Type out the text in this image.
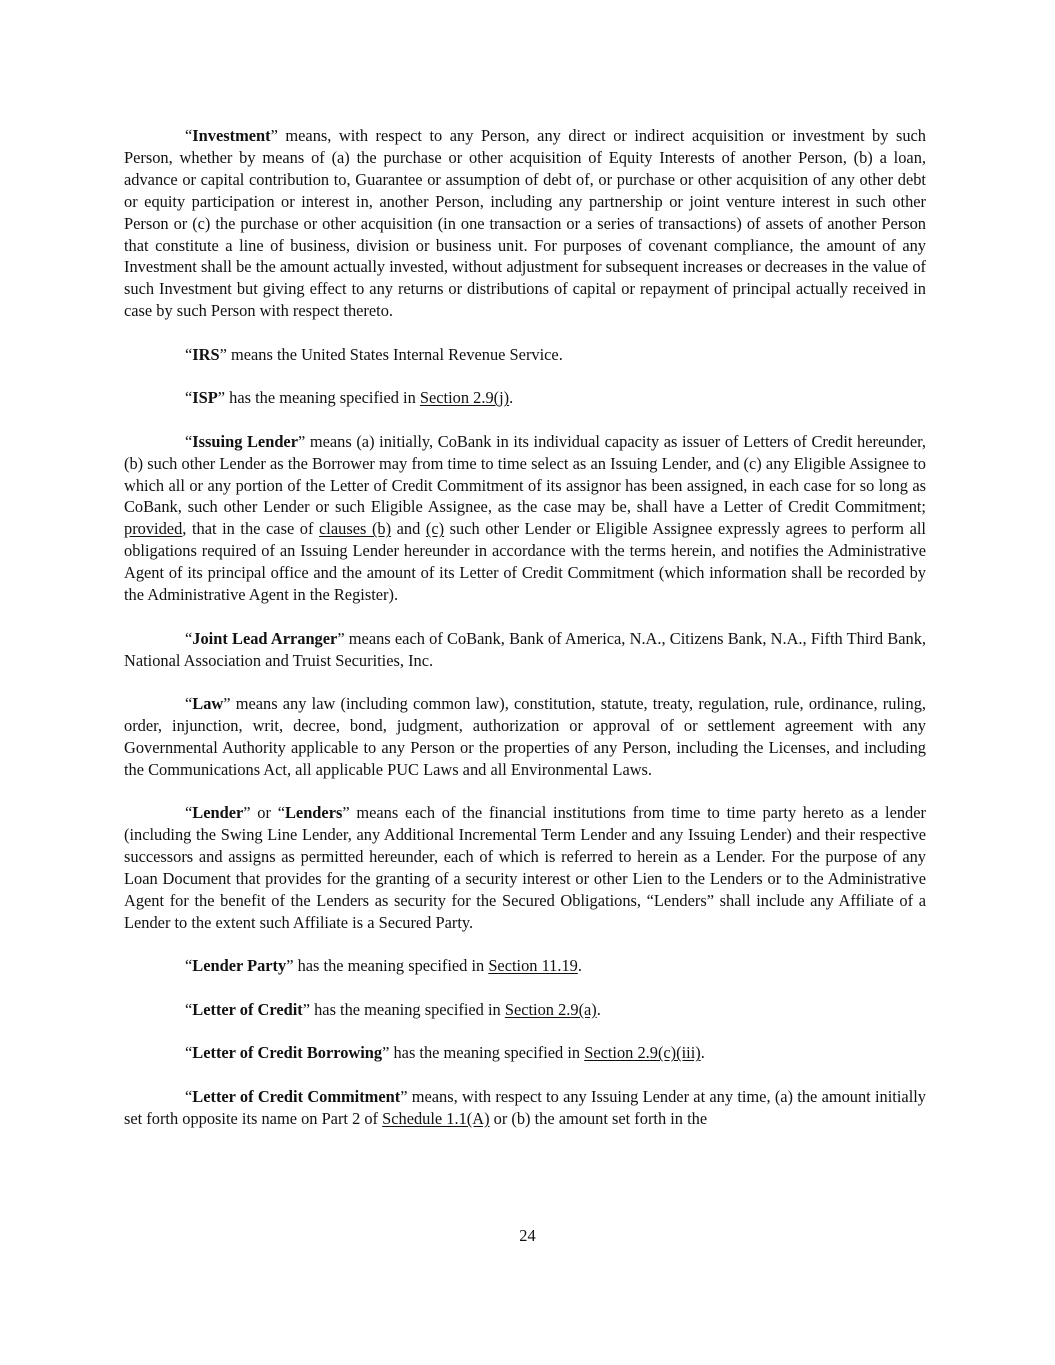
“Investment” means, with respect to any Person, any direct or indirect acquisition or investment by such Person, whether by means of (a) the purchase or other acquisition of Equity Interests of another Person, (b) a loan, advance or capital contribution to, Guarantee or assumption of debt of, or purchase or other acquisition of any other debt or equity participation or interest in, another Person, including any partnership or joint venture interest in such other Person or (c) the purchase or other acquisition (in one transaction or a series of transactions) of assets of another Person that constitute a line of business, division or business unit. For purposes of covenant compliance, the amount of any Investment shall be the amount actually invested, without adjustment for subsequent increases or decreases in the value of such Investment but giving effect to any returns or distributions of capital or repayment of principal actually received in case by such Person with respect thereto.

“IRS” means the United States Internal Revenue Service.

“ISP” has the meaning specified in Section 2.9(j).

“Issuing Lender” means (a) initially, CoBank in its individual capacity as issuer of Letters of Credit hereunder, (b) such other Lender as the Borrower may from time to time select as an Issuing Lender, and (c) any Eligible Assignee to which all or any portion of the Letter of Credit Commitment of its assignor has been assigned, in each case for so long as CoBank, such other Lender or such Eligible Assignee, as the case may be, shall have a Letter of Credit Commitment; provided, that in the case of clauses (b) and (c) such other Lender or Eligible Assignee expressly agrees to perform all obligations required of an Issuing Lender hereunder in accordance with the terms herein, and notifies the Administrative Agent of its principal office and the amount of its Letter of Credit Commitment (which information shall be recorded by the Administrative Agent in the Register).

“Joint Lead Arranger” means each of CoBank, Bank of America, N.A., Citizens Bank, N.A., Fifth Third Bank, National Association and Truist Securities, Inc.

“Law” means any law (including common law), constitution, statute, treaty, regulation, rule, ordinance, ruling, order, injunction, writ, decree, bond, judgment, authorization or approval of or settlement agreement with any Governmental Authority applicable to any Person or the properties of any Person, including the Licenses, and including the Communications Act, all applicable PUC Laws and all Environmental Laws.

“Lender” or “Lenders” means each of the financial institutions from time to time party hereto as a lender (including the Swing Line Lender, any Additional Incremental Term Lender and any Issuing Lender) and their respective successors and assigns as permitted hereunder, each of which is referred to herein as a Lender. For the purpose of any Loan Document that provides for the granting of a security interest or other Lien to the Lenders or to the Administrative Agent for the benefit of the Lenders as security for the Secured Obligations, “Lenders” shall include any Affiliate of a Lender to the extent such Affiliate is a Secured Party.

“Lender Party” has the meaning specified in Section 11.19.

“Letter of Credit” has the meaning specified in Section 2.9(a).

“Letter of Credit Borrowing” has the meaning specified in Section 2.9(c)(iii).

“Letter of Credit Commitment” means, with respect to any Issuing Lender at any time, (a) the amount initially set forth opposite its name on Part 2 of Schedule 1.1(A) or (b) the amount set forth in the

24
